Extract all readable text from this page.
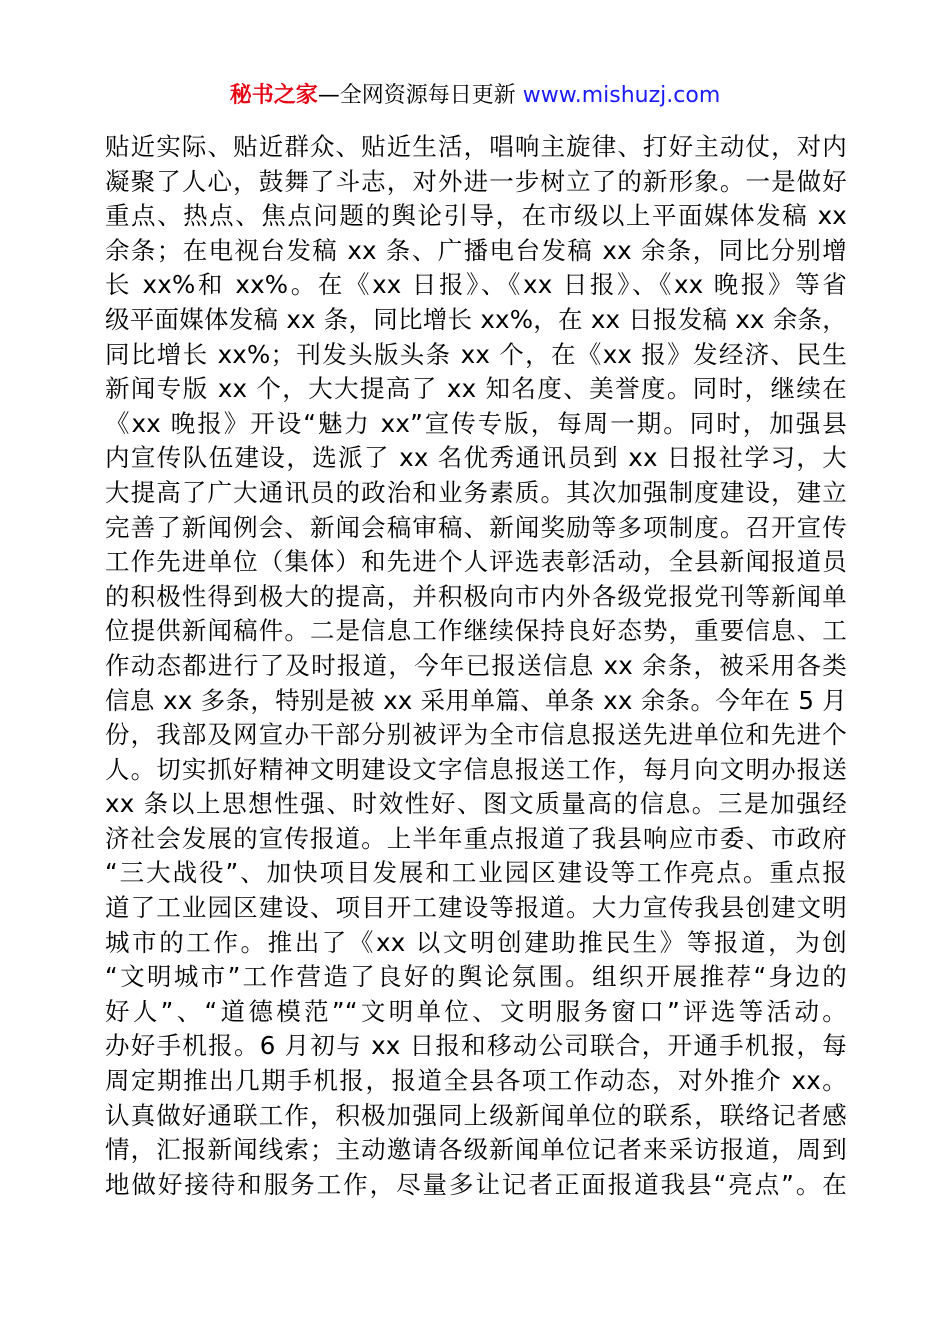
秘书之家—全网资源每日更新 www.mishuzj.com
贴近实际、贴近群众、贴近生活，唱响主旋律、打好主动仗，对内
凝聚了人心，鼓舞了斗志，对外进一步树立了的新形象。一是做好
重点、热点、焦点问题的舆论引导，在市级以上平面媒体发稿 xx
余条；在电视台发稿 xx 条、广播电台发稿 xx 余条，同比分别增
长 xx%和 xx%。在《xx 日报》、《xx 日报》、《xx 晚报》等省
级平面媒体发稿 xx 条，同比增长 xx%，在 xx 日报发稿 xx 余条，
同比增长 xx%；刊发头版头条 xx 个，在《xx 报》发经济、民生
新闻专版 xx 个，大大提高了 xx 知名度、美誉度。同时，继续在
《xx 晚报》开设“魅力 xx”宣传专版，每周一期。同时，加强县
内宣传队伍建设，选派了 xx 名优秀通讯员到 xx 日报社学习，大
大提高了广大通讯员的政治和业务素质。其次加强制度建设，建立
完善了新闻例会、新闻会稿审稿、新闻奖励等多项制度。召开宣传
工作先进单位（集体）和先进个人评选表彰活动，全县新闻报道员
的积极性得到极大的提高，并积极向市内外各级党报党刊等新闻单
位提供新闻稿件。二是信息工作继续保持良好态势，重要信息、工
作动态都进行了及时报道，今年已报送信息 xx 余条，被采用各类
信息 xx 多条，特别是被 xx 采用单篇、单条 xx 余条。今年在 5 月
份，我部及网宣办干部分别被评为全市信息报送先进单位和先进个
人。切实抓好精神文明建设文字信息报送工作，每月向文明办报送
xx 条以上思想性强、时效性好、图文质量高的信息。三是加强经
济社会发展的宣传报道。上半年重点报道了我县响应市委、市政府
“三大战役”、加快项目发展和工业园区建设等工作亮点。重点报
道了工业园区建设、项目开工建设等报道。大力宣传我县创建文明
城市的工作。推出了《xx 以文明创建助推民生》等报道，为创
“文明城市”工作营造了良好的舆论氛围。组织开展推荐“身边的
好人”、“道德模范”“文明单位、文明服务窗口”评选等活动。
办好手机报。6 月初与 xx 日报和移动公司联合，开通手机报，每
周定期推出几期手机报，报道全县各项工作动态，对外推介 xx。
认真做好通联工作，积极加强同上级新闻单位的联系，联络记者感
情，汇报新闻线索；主动邀请各级新闻单位记者来采访报道，周到
地做好接待和服务工作，尽量多让记者正面报道我县“亮点”。在
